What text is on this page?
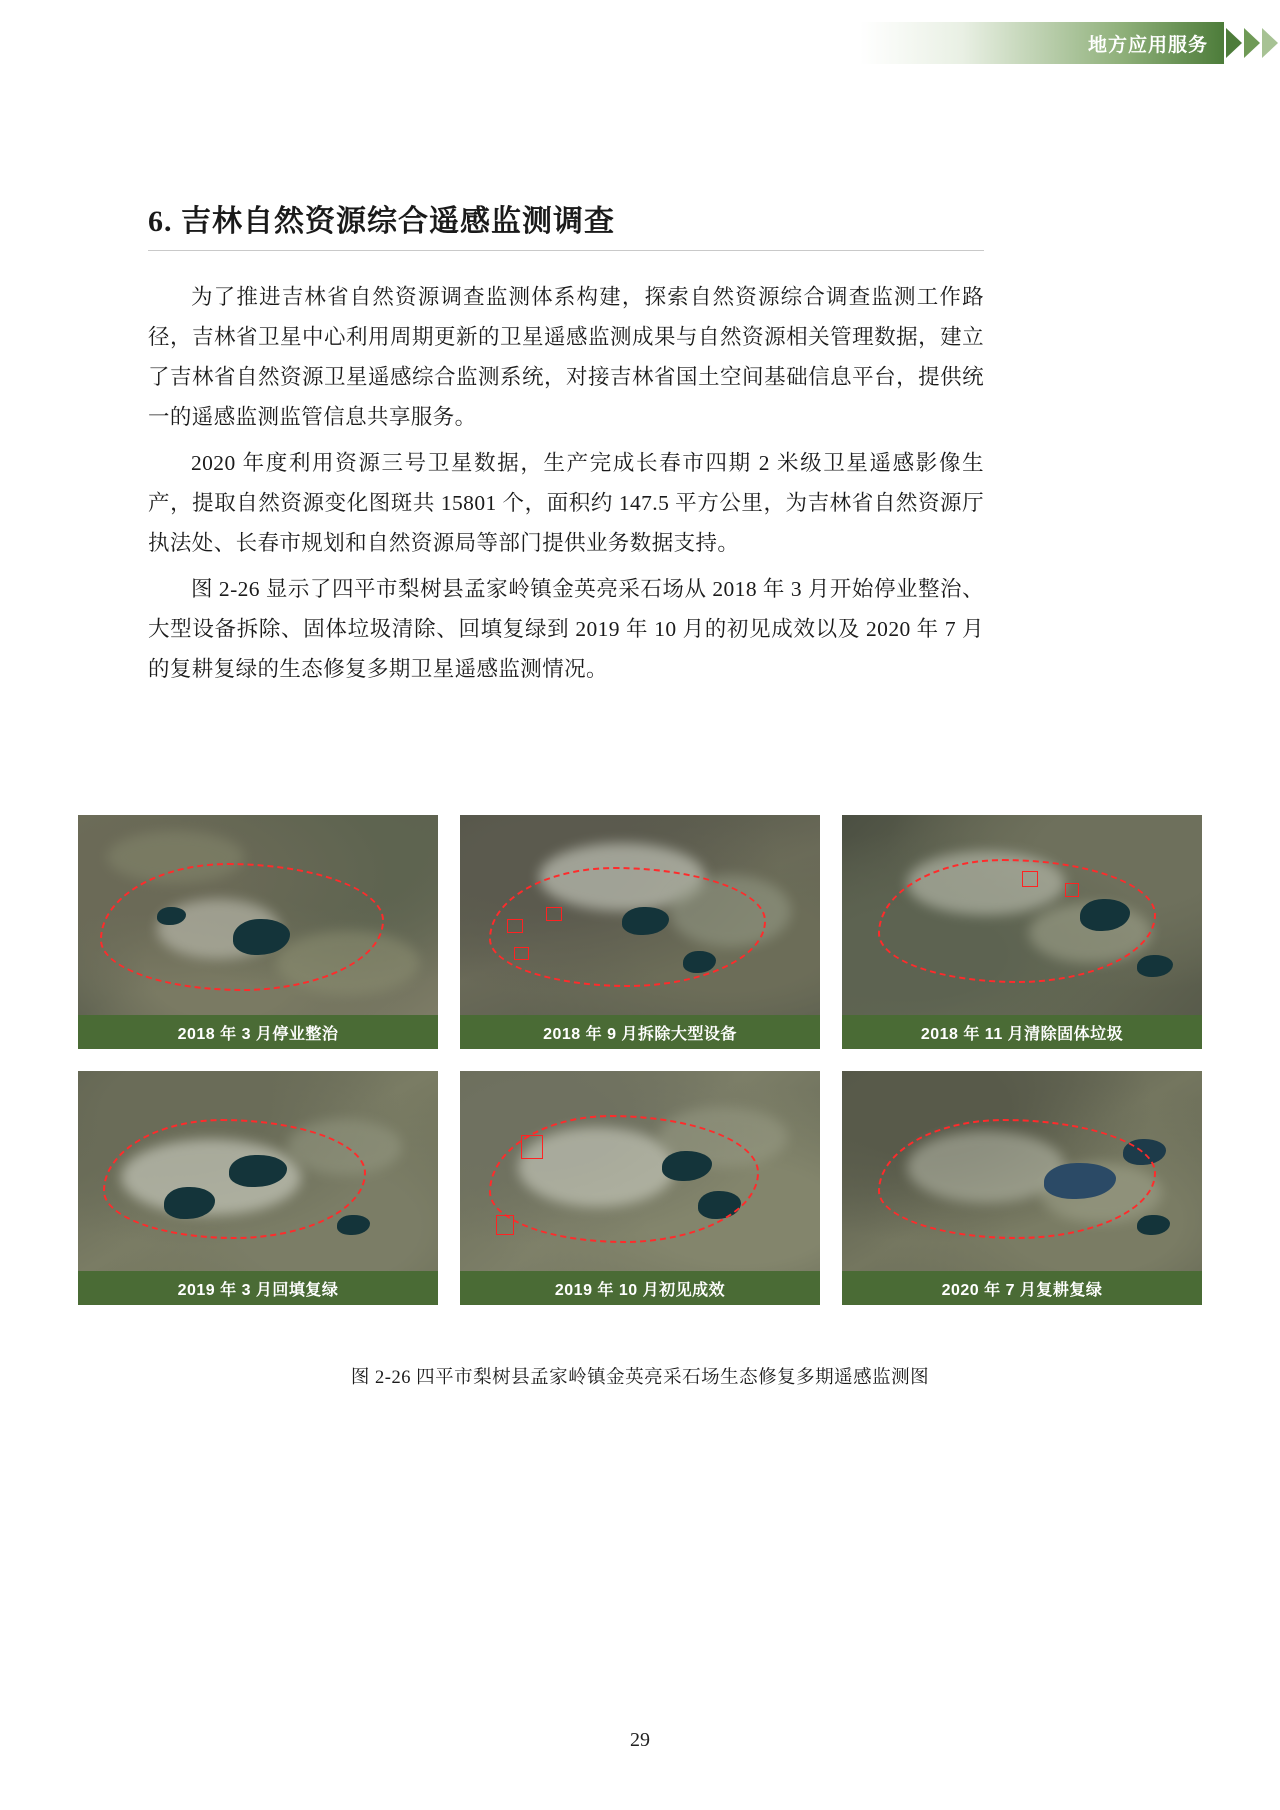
地方应用服务
6. 吉林自然资源综合遥感监测调查

为了推进吉林省自然资源调查监测体系构建，探索自然资源综合调查监测工作路径，吉林省卫星中心利用周期更新的卫星遥感监测成果与自然资源相关管理数据，建立了吉林省自然资源卫星遥感综合监测系统，对接吉林省国土空间基础信息平台，提供统一的遥感监测监管信息共享服务。

2020 年度利用资源三号卫星数据，生产完成长春市四期 2 米级卫星遥感影像生产，提取自然资源变化图斑共 15801 个，面积约 147.5 平方公里，为吉林省自然资源厅执法处、长春市规划和自然资源局等部门提供业务数据支持。

图 2-26 显示了四平市梨树县孟家岭镇金英亮采石场从 2018 年 3 月开始停业整治、大型设备拆除、固体垃圾清除、回填复绿到 2019 年 10 月的初见成效以及 2020 年 7 月的复耕复绿的生态修复多期卫星遥感监测情况。

2018 年 3 月停业整治	2018 年 9 月拆除大型设备	2018 年 11 月清除固体垃圾
2019 年 3 月回填复绿	2019 年 10 月初见成效	2020 年 7 月复耕复绿
图 2-26 四平市梨树县孟家岭镇金英亮采石场生态修复多期遥感监测图
29
